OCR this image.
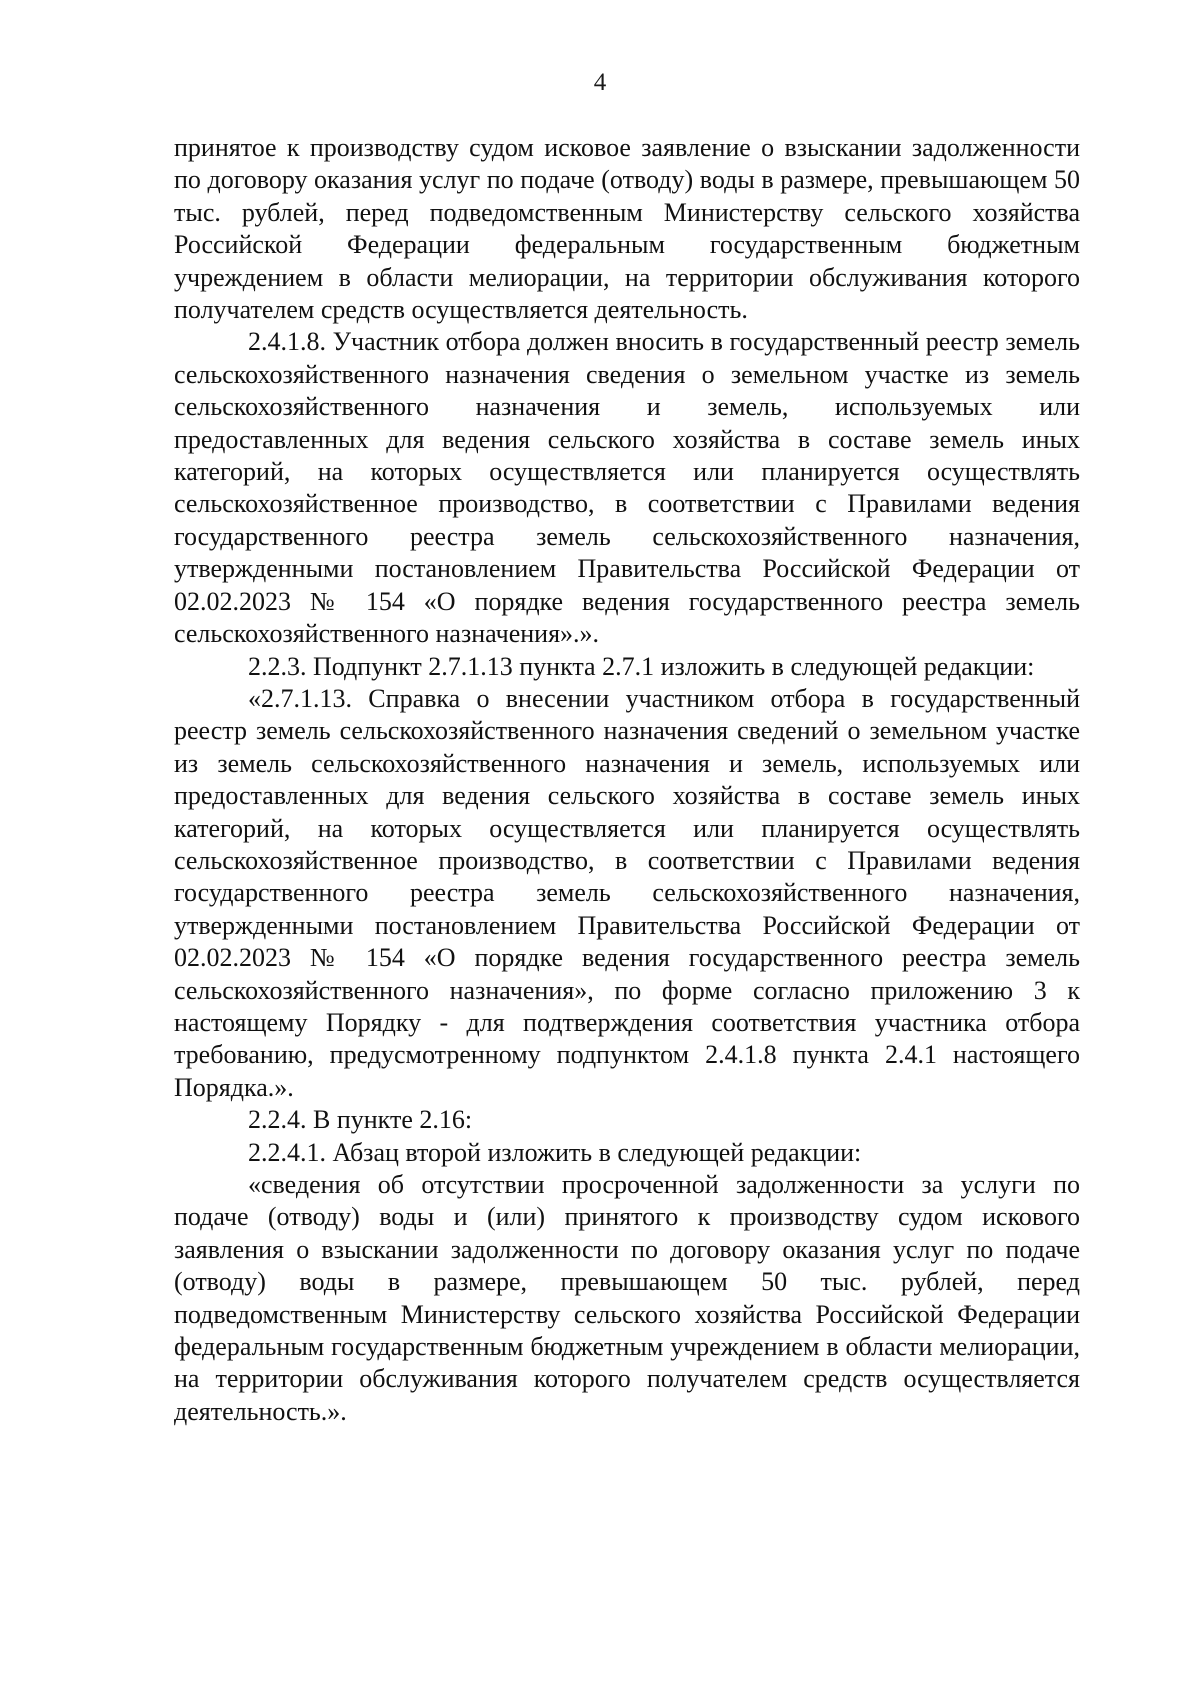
4

принятое к производству судом исковое заявление о взыскании задолженности по договору оказания услуг по подаче (отводу) воды в размере, превышающем 50 тыс. рублей, перед подведомственным Министерству сельского хозяйства Российской Федерации федеральным государственным бюджетным учреждением в области мелиорации, на территории обслуживания которого получателем средств осуществляется деятельность.

2.4.1.8. Участник отбора должен вносить в государственный реестр земель сельскохозяйственного назначения сведения о земельном участке из земель сельскохозяйственного назначения и земель, используемых или предоставленных для ведения сельского хозяйства в составе земель иных категорий, на которых осуществляется или планируется осуществлять сельскохозяйственное производство, в соответствии с Правилами ведения государственного реестра земель сельскохозяйственного назначения, утвержденными постановлением Правительства Российской Федерации от 02.02.2023 № 154 «О порядке ведения государственного реестра земель сельскохозяйственного назначения».».

2.2.3. Подпункт 2.7.1.13 пункта 2.7.1 изложить в следующей редакции:

«2.7.1.13. Справка о внесении участником отбора в государственный реестр земель сельскохозяйственного назначения сведений о земельном участке из земель сельскохозяйственного назначения и земель, используемых или предоставленных для ведения сельского хозяйства в составе земель иных категорий, на которых осуществляется или планируется осуществлять сельскохозяйственное производство, в соответствии с Правилами ведения государственного реестра земель сельскохозяйственного назначения, утвержденными постановлением Правительства Российской Федерации от 02.02.2023 № 154 «О порядке ведения государственного реестра земель сельскохозяйственного назначения», по форме согласно приложению 3 к настоящему Порядку - для подтверждения соответствия участника отбора требованию, предусмотренному подпунктом 2.4.1.8 пункта 2.4.1 настоящего Порядка.».

2.2.4. В пункте 2.16:

2.2.4.1. Абзац второй изложить в следующей редакции:

«сведения об отсутствии просроченной задолженности за услуги по подаче (отводу) воды и (или) принятого к производству судом искового заявления о взыскании задолженности по договору оказания услуг по подаче (отводу) воды в размере, превышающем 50 тыс. рублей, перед подведомственным Министерству сельского хозяйства Российской Федерации федеральным государственным бюджетным учреждением в области мелиорации, на территории обслуживания которого получателем средств осуществляется деятельность.».
